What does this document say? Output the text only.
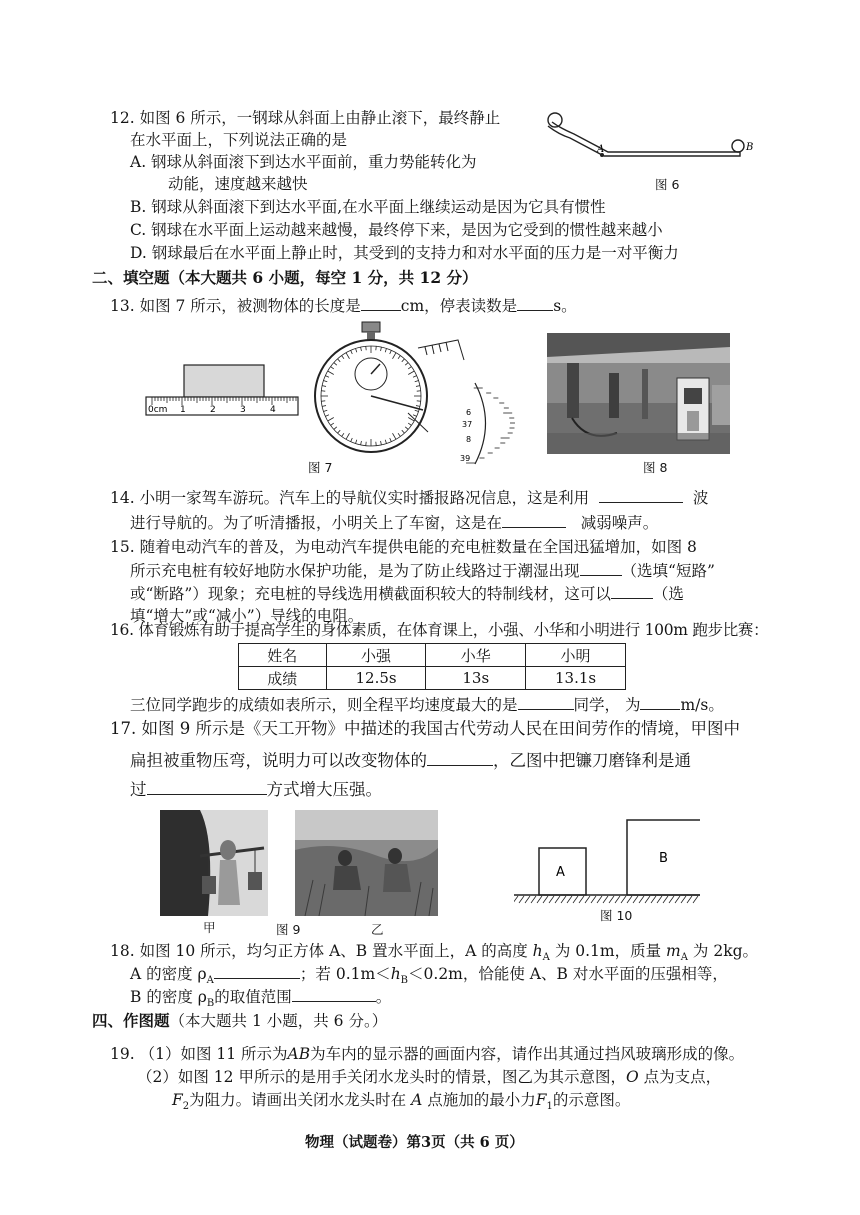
12. 如图 6 所示，一钢球从斜面上由静止滚下，最终静止
在水平面上，下列说法正确的是
A. 钢球从斜面滚下到达水平面前，重力势能转化为
动能，速度越来越快
B. 钢球从斜面滚下到达水平面,在水平面上继续运动是因为它具有惯性
C. 钢球在水平面上运动越来越慢，最终停下来，是因为它受到的惯性越来越小
D. 钢球最后在水平面上静止时，其受到的支持力和对水平面的压力是一对平衡力
A	B
图 6
二、填空题（本大题共 6 小题，每空 1 分，共 12 分）
13. 如图 7 所示，被测物体的长度是	cm，停表读数是 s。
0cm 1	2	3	4	6
37
8
39
图 7	图 8
14. 小明一家驾车游玩。汽车上的导航仪实时播报路况信息，这是利用	波
进行导航的。为了听清播报，小明关上了车窗，这是在	减弱噪声。
15. 随着电动汽车的普及，为电动汽车提供电能的充电桩数量在全国迅猛增加，如图 8
所示充电桩有较好地防水保护功能，是为了防止线路过于潮湿出现	（选填“短路”
或“断路”）现象；充电桩的导线选用横截面积较大的特制线材，这可以	（选
填“增大”或“减小”）导线的电阻。
16. 体育锻炼有助于提高学生的身体素质，在体育课上，小强、小华和小明进行 100m 跑步比赛：
姓名	小强	小华	小明
成绩	12.5s	13s	13.1s
三位同学跑步的成绩如表所示，则全程平均速度最大的是	同学， 为	m/s。
17. 如图 9 所示是《天工开物》中描述的我国古代劳动人民在田间劳作的情境，甲图中
扁担被重物压弯，说明力可以改变物体的	，乙图中把镰刀磨锋利是通
过	方式增大压强。
甲	图 9	乙
A
B
图 10
18. 如图 10 所示，均匀正方体 A、B 置水平面上，A 的高度 $h_A$ 为 0.1m，质量 $m_A$ 为 2kg。
A 的密度 $\rho_A$	；若 $0.1m<h_B<0.2m$，恰能使 A、B 对水平面的压强相等，
B 的密度 $\rho_B$的取值范围	。
四、作图题（本大题共 1 小题，共 6 分。）
19. （1）如图 11 所示为AB为车内的显示器的画面内容，请作出其通过挡风玻璃形成的像。
（2）如图 12 甲所示的是用手关闭水龙头时的情景，图乙为其示意图，O 点为支点，
$F_2$为阻力。请画出关闭水龙头时在 A 点施加的最小力$F_1$的示意图。
物理（试题卷）第3页（共 6 页）
